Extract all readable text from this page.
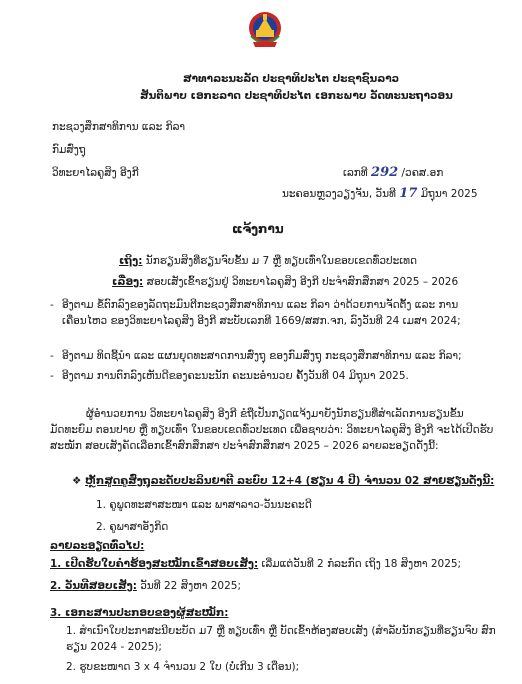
ສາທາລະນະລັດ ປະຊາທິປະໄຕ ປະຊາຊົນລາວ
ສັນຕິພາບ ເອກະລາດ ປະຊາທິປະໄຕ ເອກະພາບ ວັດທະນະຖາວອນ
ກະຊວງສຶກສາທິການ ແລະ ກິລາ
ກົມສົ່ງຖຸ
ວິທະຍາໄລຄູສິງ ອີງກີ	ເລກທີ 292 /ວຄສ.ອກ
ນະຄອນຫຼວງວຽງຈັນ, ວັນທີ 17 ມິຖຸນາ 2025
ແຈ້ງການ
ເຖິງ: ນັກຮຽນສິງທີ່ຮຽນຈົບຂັ້ນ ມ 7 ຫຼື ທຽບເທົ່າໃນຂອບເຂດທົ່ວປະເທດ
ເລື່ອງ: ສອບເສັງເຂົ້າຮຽນຢູ່ ວິທະຍາໄລຄູສິງ ອີງກີ ປະຈຳສົກສຶກສາ 2025 – 2026
- ອີງຕາມ ຂໍ້ຕົກລົງຂອງລັດຖະມົນຕີກະຊວງສຶກສາທິການ ແລະ ກິລາ ວ່າດ້ວຍການຈັດຕັ້ງ ແລະ ການເຄື່ອນໄຫວ ຂອງວິທະຍາໄລຄູສິງ ອີງກີ ສະບັບເລກທີ 1669/ສສກ.ຈກ, ລົງວັນທີ 24 ເມສາ 2024;
- ອີງຕາມ ທິດຊີ້ນຳ ແລະ ແຜນຍຸດທະສາດການສົ່ງຖຸ ຂອງກົມສົ່ງຖຸ ກະຊວງສຶກສາທິການ ແລະ ກິລາ;
- ອີງຕາມ ການຕົກລົງເຫັນດີຂອງຄະນະນັກ ຄະນະອຳນວຍ ຄັ້ງວັນທີ 04 ມິຖຸນາ 2025.
ຜູ້ອຳນວຍການ ວິທະຍາໄລຄູສິງ ອີງກີ ຂໍຖືເປັນກຽດແຈ້ງມາຍັງນັກຮຽນທີ່ສຳເລັດການຮຽນຂັ້ນມັດທະຍົມ ຕອນປາຍ ຫຼື ທຽບເທົ່າ ໃນຂອບເຂດທົ່ວປະເທດ ເພື່ອຊາບວ່າ: ວິທະຍາໄລຄູສິງ ອີງກີ ຈະໄດ້ເປີດຮັບສະໝັກ ສອບເສັງຄັດເລືອກເຂົ້າສົກສຶກສາ ປະຈຳສົກສຶກສາ 2025 – 2026 ລາຍລະອຽດດັ່ງນີ້:
❖ ຫຼັກສູດຄູສົ່ງຖຸລະດັບປະລິນຍາຕີ ລະບົບ 12+4 (ຮຽນ 4 ປີ) ຈຳນວນ 02 ສາຍຮຽນດັ່ງນີ້:
1. ຄູພູດທະສາສະໜາ ແລະ ພາສາລາວ-ວັນນະຄະດີ
2. ຄູພາສາອັງກິດ
ລາຍລະອຽດທົ່ວໄປ:
1. ເປີດຮັບໃບຄຳຮ້ອງສະໝັກເຂົ້າສອບເສັງ: ເລີ່ມແຕ່ວັນທີ 2 ກໍລະກົດ ເຖິງ 18 ສິງຫາ 2025;
2. ວັນທີສອບເສັງ: ວັນທີ 22 ສິງຫາ 2025;
3. ເອກະສານປະກອບຂອງຜູ້ສະໝັກ:
1. ສຳເນົາໃບປະກາສະນີຍະບັດ ມ7 ຫຼື ທຽບເທົ່າ ຫຼື ບັດເຂົ້າຫ້ອງສອບເສັງ (ສຳລັບນັກຮຽນທີ່ຮຽນຈົບ ສົກຮຽນ 2024 - 2025);
2. ຮູບຂະໜາດ 3 x 4 ຈຳນວນ 2 ໃບ (ບໍ່ເກີນ 3 ເດືອນ);
